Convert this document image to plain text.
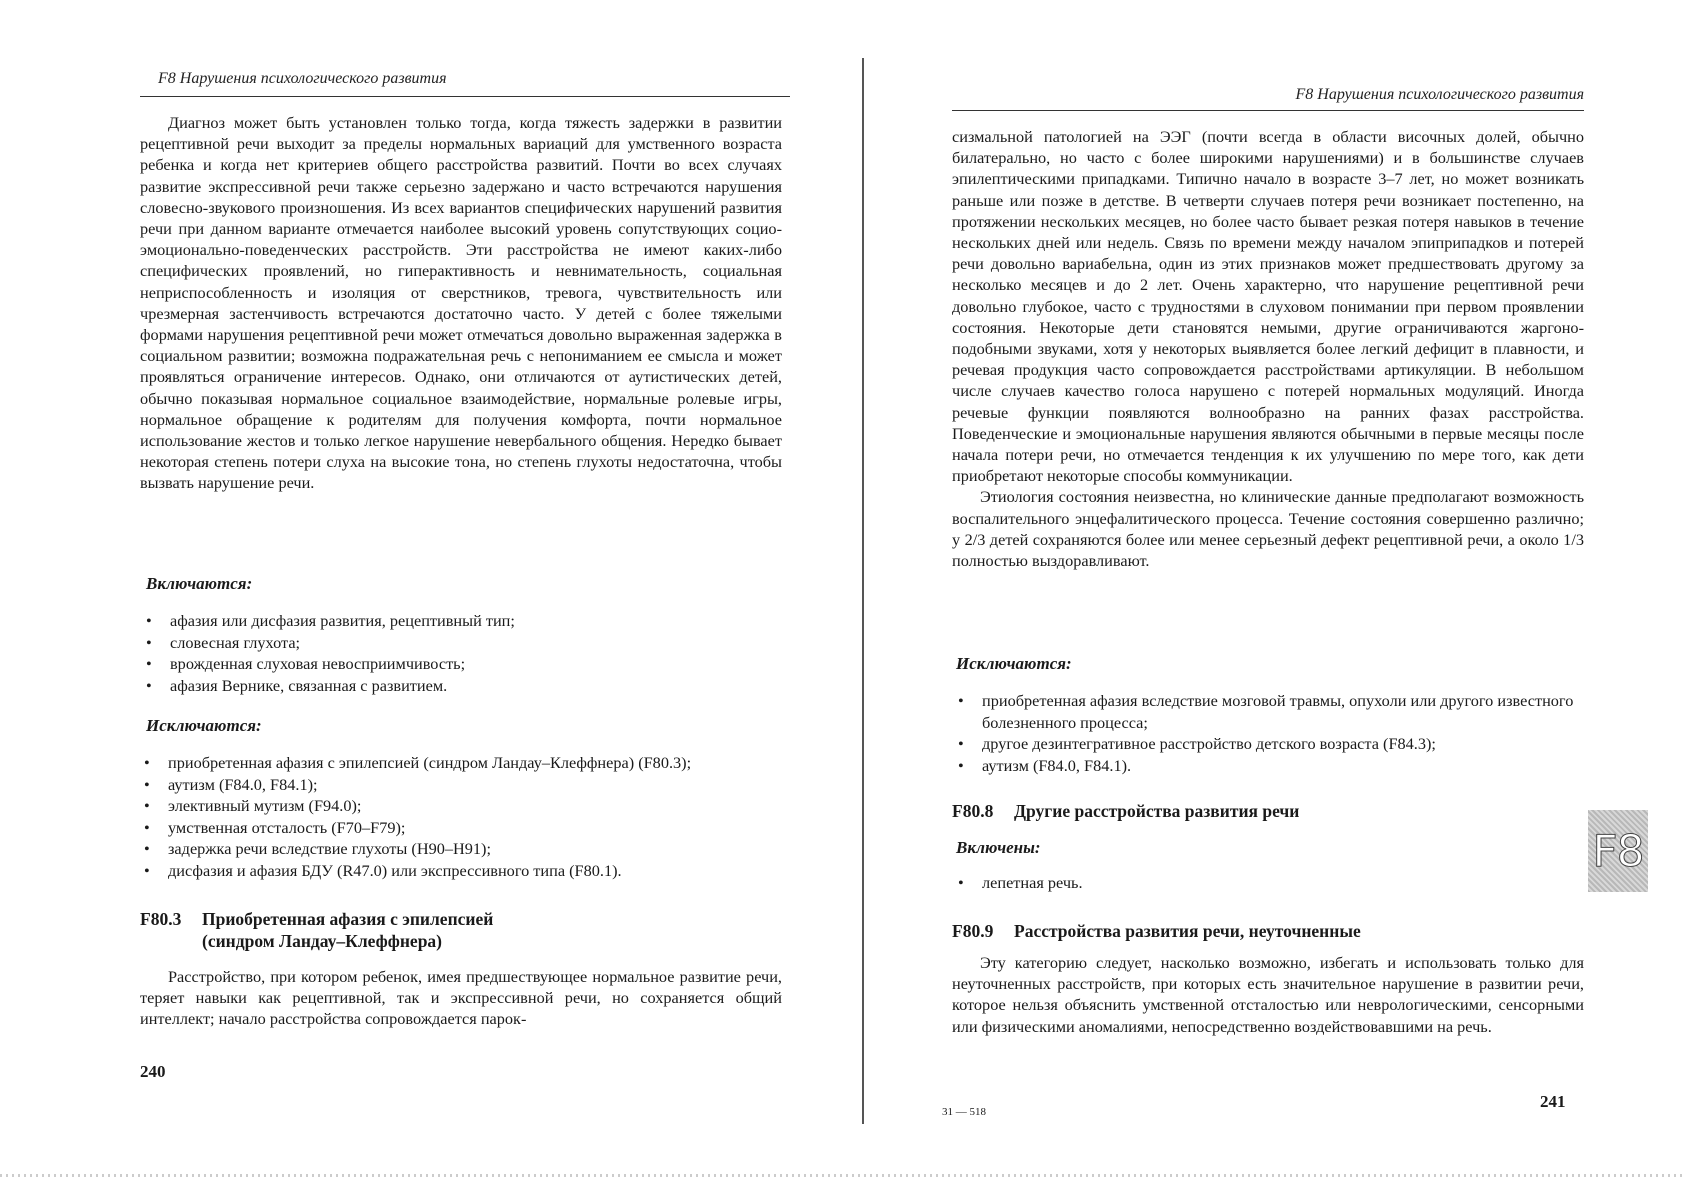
F8 Нарушения психологического развития

Диагноз может быть установлен только тогда, когда тяжесть задержки в развитии рецептивной речи выходит за пределы нормальных вариаций для умственного возраста ребенка и когда нет критериев общего расстройства развитий. Почти во всех случаях развитие экспрессивной речи также серьезно задержано и часто встречаются нарушения словесно-звукового произношения. Из всех вариантов специфических нарушений развития речи при данном варианте отмечается наиболее высокий уровень сопутствующих социо-эмоционально-поведенческих расстройств. Эти расстройства не имеют каких-либо специфических проявлений, но гиперактивность и невнимательность, социальная неприспособленность и изоляция от сверстников, тревога, чувствительность или чрезмерная застенчивость встречаются достаточно часто. У детей с более тяжелыми формами нарушения рецептивной речи может отмечаться довольно выраженная задержка в социальном развитии; возможна подражательная речь с непониманием ее смысла и может проявляться ограничение интересов. Однако, они отличаются от аутистических детей, обычно показывая нормальное социальное взаимодействие, нормальные ролевые игры, нормальное обращение к родителям для получения комфорта, почти нормальное использование жестов и только легкое нарушение невербального общения. Нередко бывает некоторая степень потери слуха на высокие тона, но степень глухоты недостаточна, чтобы вызвать нарушение речи.

Включаются:
• афазия или дисфазия развития, рецептивный тип;
• словесная глухота;
• врожденная слуховая невосприимчивость;
• афазия Вернике, связанная с развитием.
Исключаются:
• приобретенная афазия с эпилепсией (синдром Ландау–Клеффнера) (F80.3);
• аутизм (F84.0, F84.1);
• элективный мутизм (F94.0);
• умственная отсталость (F70–F79);
• задержка речи вследствие глухоты (H90–H91);
• дисфазия и афазия БДУ (R47.0) или экспрессивного типа (F80.1).
F80.3 Приобретенная афазия с эпилепсией
(синдром Ландау–Клеффнера)

Расстройство, при котором ребенок, имея предшествующее нормальное развитие речи, теряет навыки как рецептивной, так и экспрессивной речи, но сохраняется общий интеллект; начало расстройства сопровождается парок-

240
F8 Нарушения психологического развития

сизмальной патологией на ЭЭГ (почти всегда в области височных долей, обычно билатерально, но часто с более широкими нарушениями) и в большинстве случаев эпилептическими припадками. Типично начало в возрасте 3–7 лет, но может возникать раньше или позже в детстве. В четверти случаев потеря речи возникает постепенно, на протяжении нескольких месяцев, но более часто бывает резкая потеря навыков в течение нескольких дней или недель. Связь по времени между началом эпиприпадков и потерей речи довольно вариабельна, один из этих признаков может предшествовать другому за несколько месяцев и до 2 лет. Очень характерно, что нарушение рецептивной речи довольно глубокое, часто с трудностями в слуховом понимании при первом проявлении состояния. Некоторые дети становятся немыми, другие ограничиваются жаргоно-подобными звуками, хотя у некоторых выявляется более легкий дефицит в плавности, и речевая продукция часто сопровождается расстройствами артикуляции. В небольшом числе случаев качество голоса нарушено с потерей нормальных модуляций. Иногда речевые функции появляются волнообразно на ранних фазах расстройства. Поведенческие и эмоциональные нарушения являются обычными в первые месяцы после начала потери речи, но отмечается тенденция к их улучшению по мере того, как дети приобретают некоторые способы коммуникации.

Этиология состояния неизвестна, но клинические данные предполагают возможность воспалительного энцефалитического процесса. Течение состояния совершенно различно; у 2/3 детей сохраняются более или менее серьезный дефект рецептивной речи, а около 1/3 полностью выздоравливают.

Исключаются:
• приобретенная афазия вследствие мозговой травмы, опухоли или другого известного болезненного процесса;
• другое дезинтегративное расстройство детского возраста (F84.3);
• аутизм (F84.0, F84.1).
F80.8 Другие расстройства развития речи
Включены:
• лепетная речь.
F80.9 Расстройства развития речи, неуточненные

Эту категорию следует, насколько возможно, избегать и использовать только для неуточненных расстройств, при которых есть значительное нарушение в развитии речи, которое нельзя объяснить умственной отсталостью или неврологическими, сенсорными или физическими аномалиями, непосредственно воздействовавшими на речь.

31 — 518
241
F8
